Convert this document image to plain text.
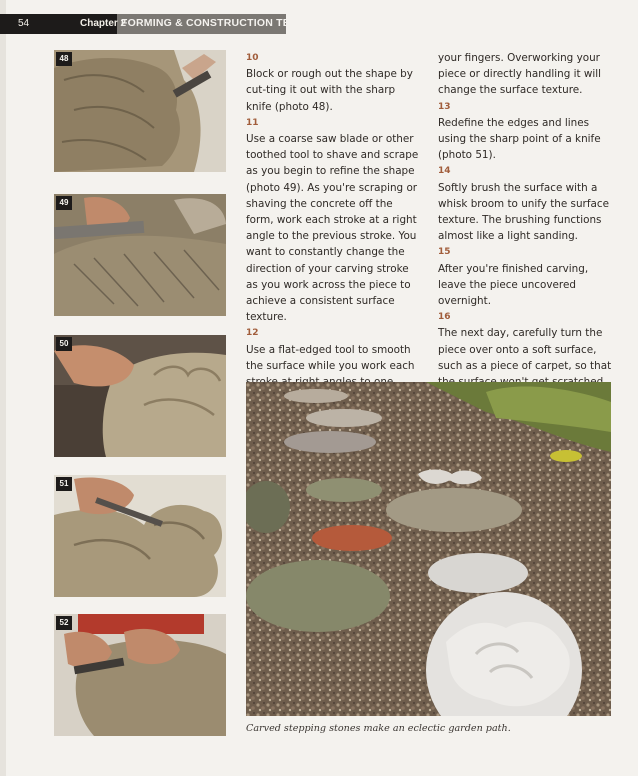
54	Chapter 2
FORMING & CONSTRUCTION TECHNIQUES
48
49
50
51
52
10

Block or rough out the shape by cut-ting it out with the sharp knife (photo 48).

11

Use a coarse saw blade or other toothed tool to shave and scrape as you begin to refine the shape (photo 49). As you're scraping or shaving the concrete off the form, work each stroke at a right angle to the previous stroke. You want to constantly change the direction of your carving stroke as you work across the piece to achieve a consistent surface texture.

12

Use a flat-edged tool to smooth the surface while you work each

your fingers. Overworking your piece or directly handling it will change the surface texture.

13

Redefine the edges and lines using the sharp point of a knife (photo 51).

14

Softly brush the surface with a whisk broom to unify the surface texture. The brushing functions almost like a light sanding.

15

After you're finished carving, leave the piece uncovered overnight.

16

The next day, carefully turn the piece over onto a soft surface, such as a piece of carpet, so that

Carved stepping stones make an eclectic garden path.
